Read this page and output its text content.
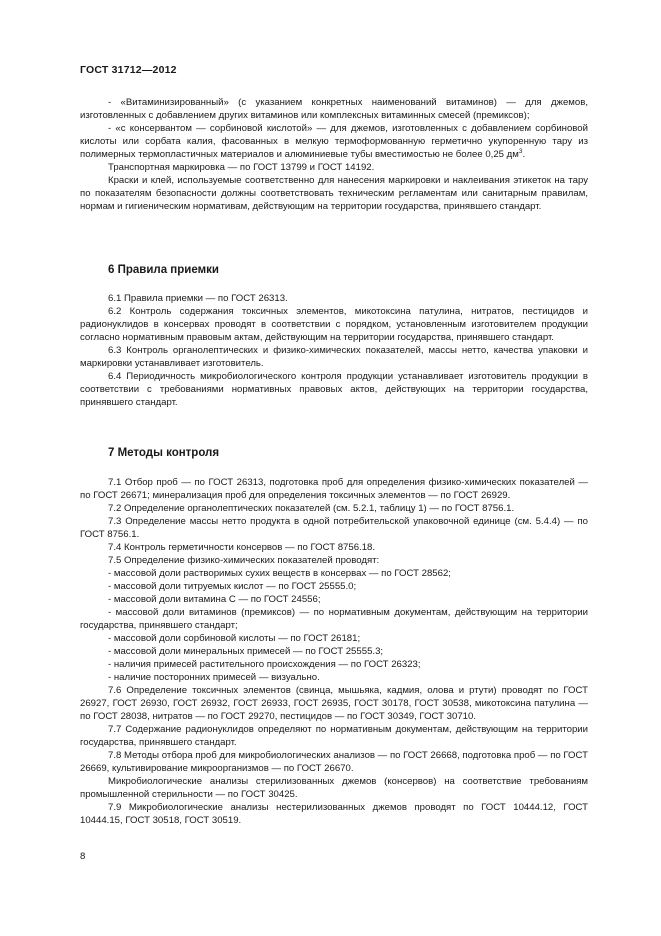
ГОСТ 31712—2012

- «Витаминизированный» (с указанием конкретных наименований витаминов) — для джемов, изготовленных с добавлением других витаминов или комплексных витаминных смесей (премиксов);

- «с консервантом — сорбиновой кислотой» — для джемов, изготовленных с добавлением сорбиновой кислоты или сорбата калия, фасованных в мелкую термоформованную герметично укупоренную тару из полимерных термопластичных материалов и алюминиевые тубы вместимостью не более 0,25 $дм^3$.

Транспортная маркировка — по ГОСТ 13799 и ГОСТ 14192.

Краски и клей, используемые соответственно для нанесения маркировки и наклеивания этикеток на тару по показателям безопасности должны соответствовать техническим регламентам или санитарным правилам, нормам и гигиеническим нормативам, действующим на территории государства, принявшего стандарт.

6 Правила приемки

6.1 Правила приемки — по ГОСТ 26313.

6.2 Контроль содержания токсичных элементов, микотоксина патулина, нитратов, пестицидов и радионуклидов в консервах проводят в соответствии с порядком, установленным изготовителем продукции согласно нормативным правовым актам, действующим на территории государства, принявшего стандарт.

6.3 Контроль органолептических и физико-химических показателей, массы нетто, качества упаковки и маркировки устанавливает изготовитель.

6.4 Периодичность микробиологического контроля продукции устанавливает изготовитель продукции в соответствии с требованиями нормативных правовых актов, действующих на территории государства, принявшего стандарт.

7 Методы контроля

7.1 Отбор проб — по ГОСТ 26313, подготовка проб для определения физико-химических показателей — по ГОСТ 26671; минерализация проб для определения токсичных элементов — по ГОСТ 26929.

7.2 Определение органолептических показателей (см. 5.2.1, таблицу 1) — по ГОСТ 8756.1.

7.3 Определение массы нетто продукта в одной потребительской упаковочной единице (см. 5.4.4) — по ГОСТ 8756.1.

7.4 Контроль герметичности консервов — по ГОСТ 8756.18.

7.5 Определение физико-химических показателей проводят:

- массовой доли растворимых сухих веществ в консервах — по ГОСТ 28562;

- массовой доли титруемых кислот — по ГОСТ 25555.0;

- массовой доли витамина С — по ГОСТ 24556;

- массовой доли витаминов (премиксов) — по нормативным документам, действующим на территории государства, принявшего стандарт;

- массовой доли сорбиновой кислоты — по ГОСТ 26181;

- массовой доли минеральных примесей — по ГОСТ 25555.3;

- наличия примесей растительного происхождения — по ГОСТ 26323;

- наличие посторонних примесей — визуально.

7.6 Определение токсичных элементов (свинца, мышьяка, кадмия, олова и ртути) проводят по ГОСТ 26927, ГОСТ 26930, ГОСТ 26932, ГОСТ 26933, ГОСТ 26935, ГОСТ 30178, ГОСТ 30538, микотоксина патулина — по ГОСТ 28038, нитратов — по ГОСТ 29270, пестицидов — по ГОСТ 30349, ГОСТ 30710.

7.7 Содержание радионуклидов определяют по нормативным документам, действующим на территории государства, принявшего стандарт.

7.8 Методы отбора проб для микробиологических анализов — по ГОСТ 26668, подготовка проб — по ГОСТ 26669, культивирование микроорганизмов — по ГОСТ 26670.

Микробиологические анализы стерилизованных джемов (консервов) на соответствие требованиям промышленной стерильности — по ГОСТ 30425.

7.9 Микробиологические анализы нестерилизованных джемов проводят по ГОСТ 10444.12, ГОСТ 10444.15, ГОСТ 30518, ГОСТ 30519.

8
